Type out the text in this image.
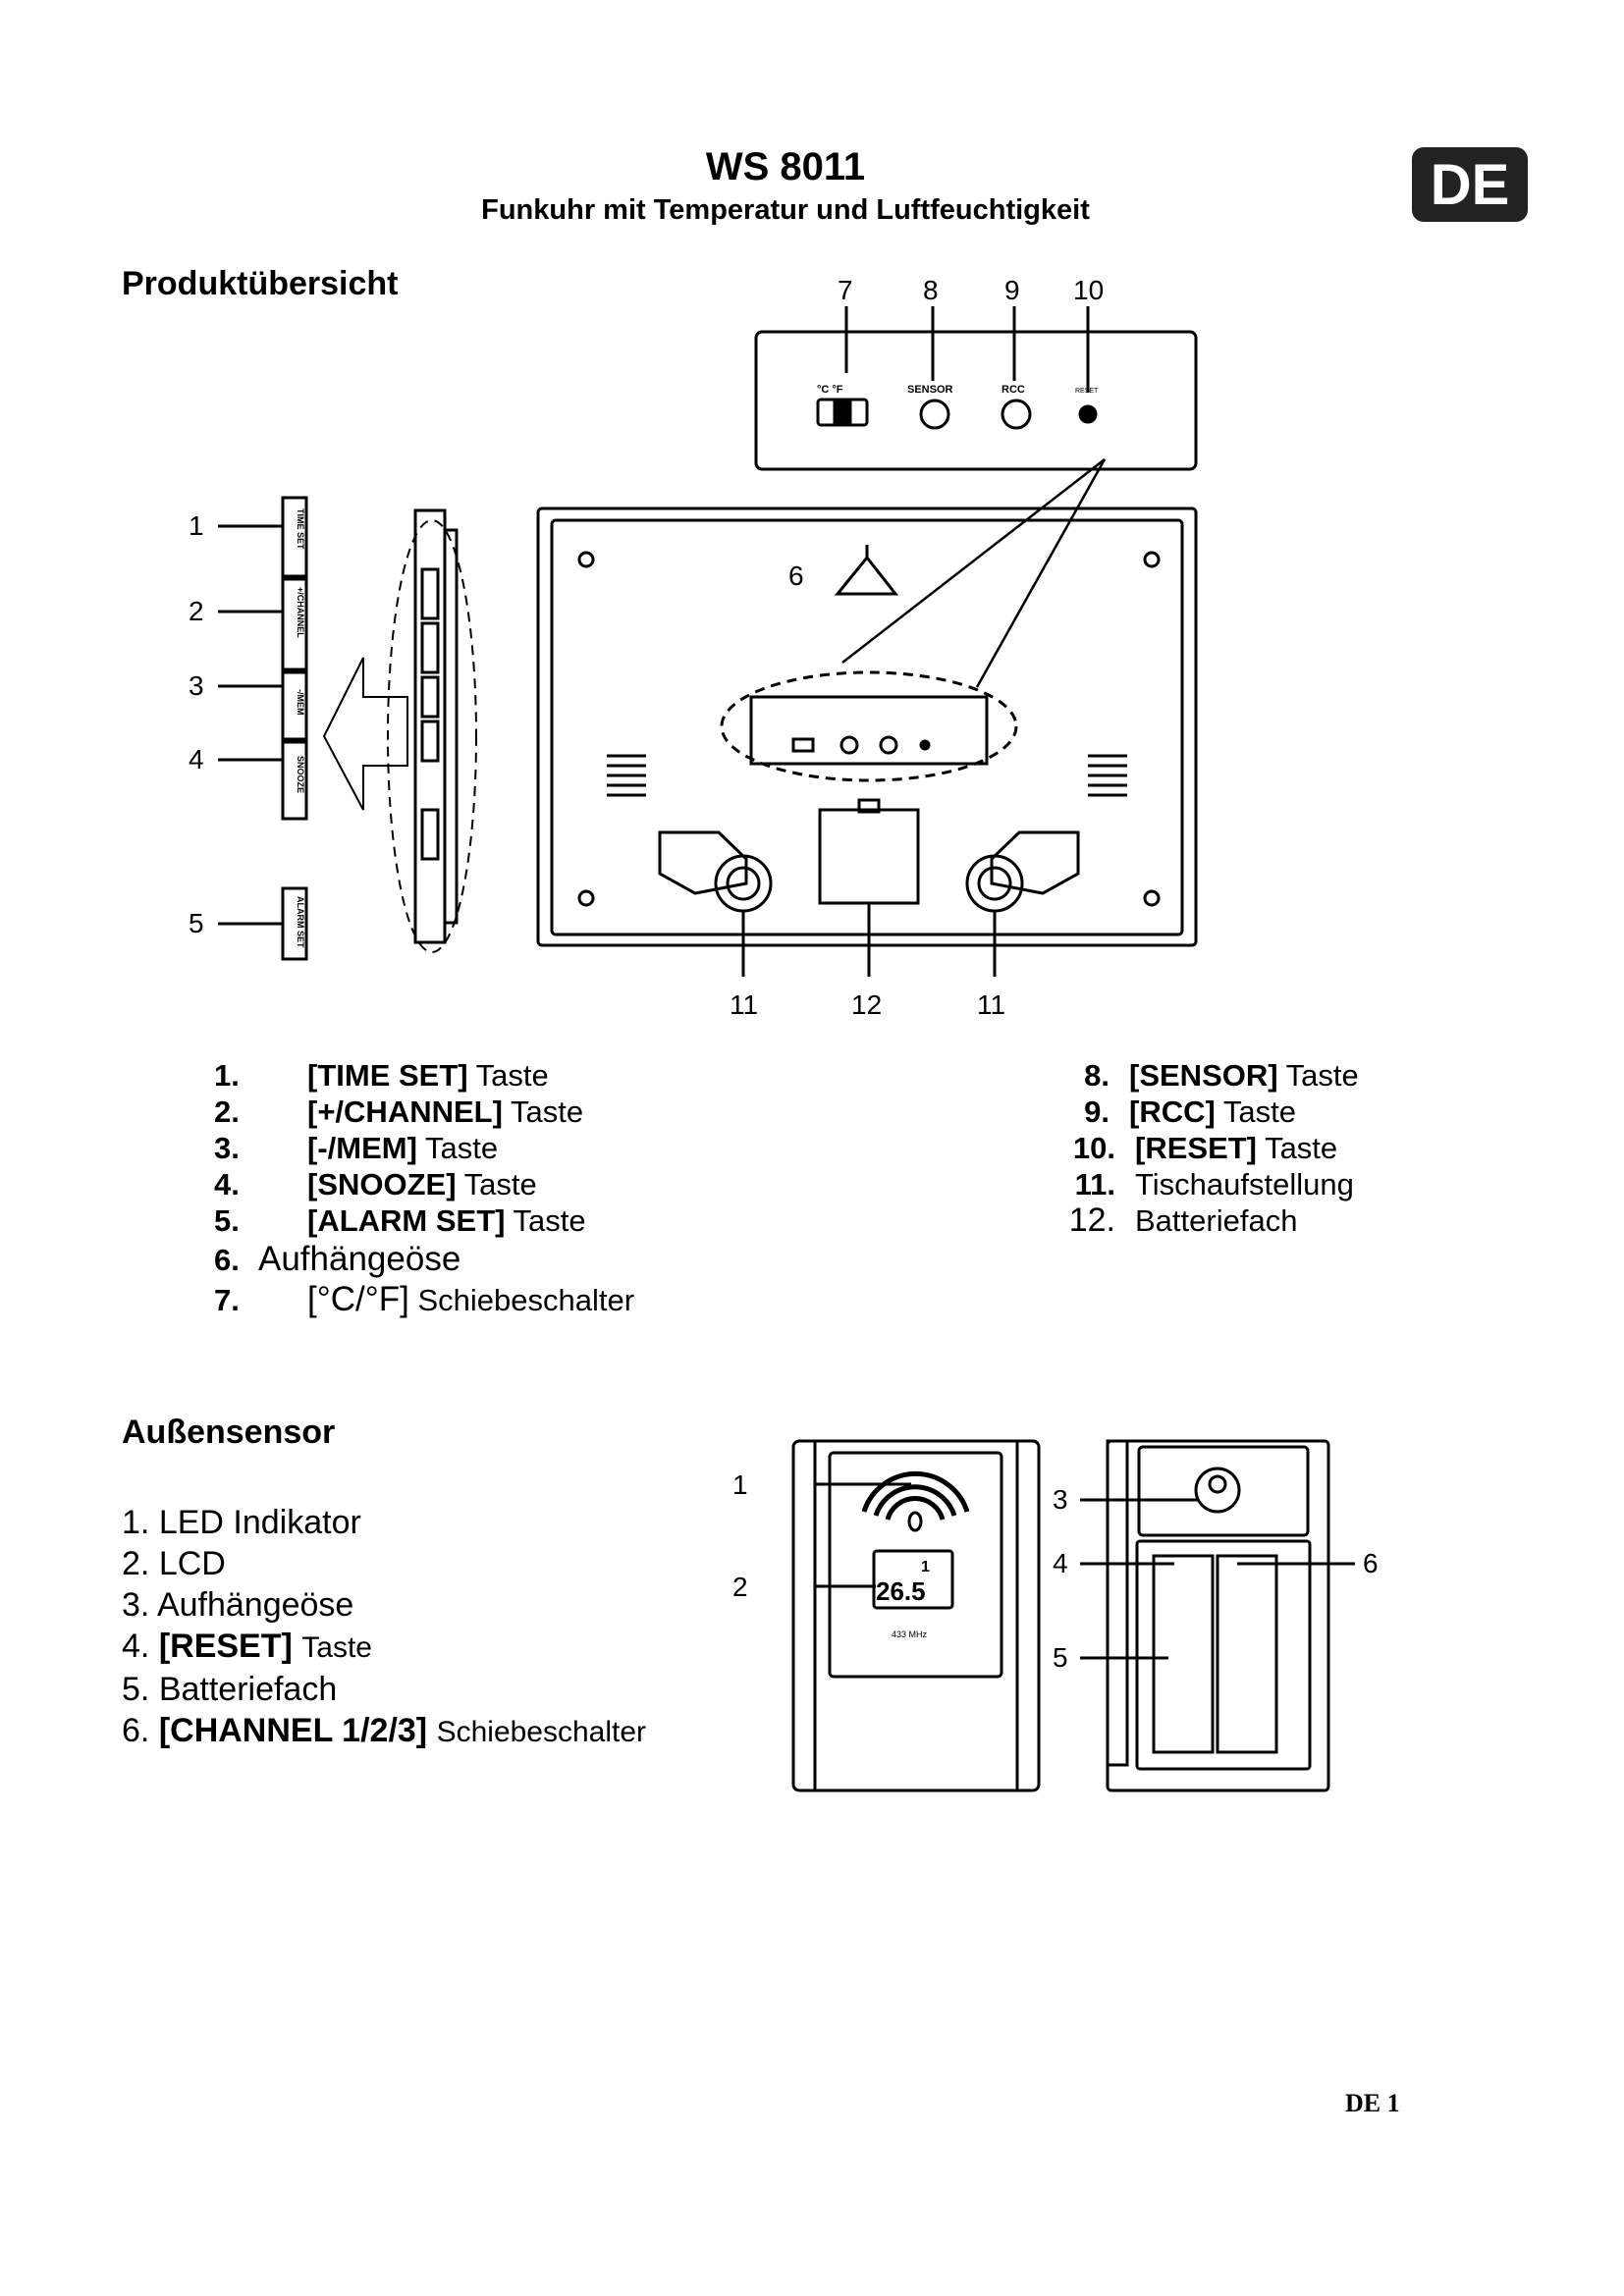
WS 8011
Funkuhr mit Temperatur und Luftfeuchtigkeit	DE
Produktübersicht	7	8 9 10
1
2
3
4
5
6
11	12	11
°C °F	SENSOR	RCC	RESET
TIME SET
+/CHANNEL
-/MEM
SNOOZE
ALARM SET
1. [TIME SET] Taste
2. [+/CHANNEL] Taste
3. [-/MEM] Taste
4. [SNOOZE] Taste
5. [ALARM SET] Taste
6. Aufhängeöse
7. [°C/°F] Schiebeschalter
8. [SENSOR] Taste
9. [RCC] Taste
10. [RESET] Taste
11. Tischaufstellung
12. Batteriefach
Außensensor
1. LED Indikator
2. LCD
3. Aufhängeöse
4. [RESET] Taste
5. Batteriefach
6. [CHANNEL 1/2/3] Schiebeschalter
1
26.5
433 MHz
1
2
3
4	6
5
DE 1
